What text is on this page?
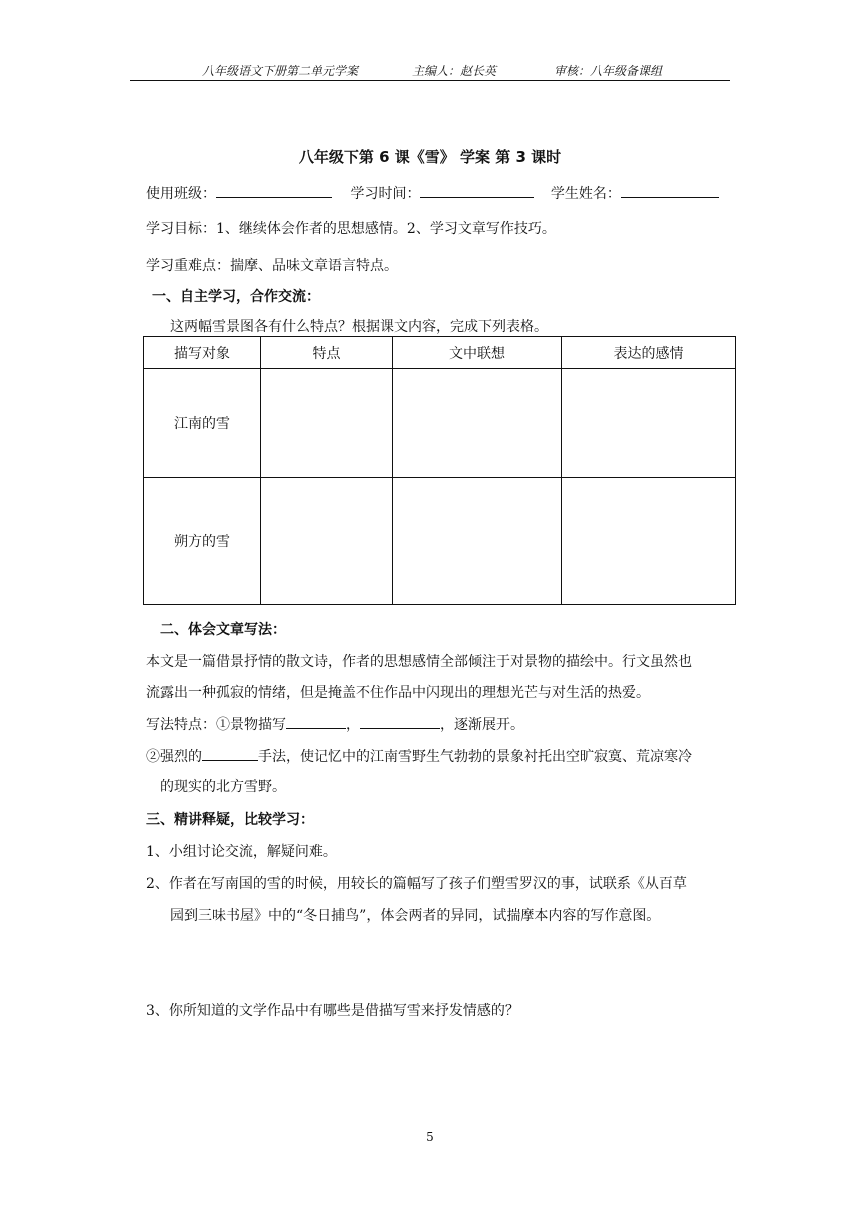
八年级语文下册第二单元学案	主编人：赵长英	审核：八年级备课组
八年级下第 6 课《雪》 学案 第 3 课时
使用班级：	学习时间：	学生姓名：
学习目标：1、继续体会作者的思想感情。2、学习文章写作技巧。
学习重难点：揣摩、品味文章语言特点。
一、自主学习，合作交流：
这两幅雪景图各有什么特点？根据课文内容，完成下列表格。
描写对象	特点	文中联想	表达的感情
江南的雪			
朔方的雪			
二、体会文章写法：
本文是一篇借景抒情的散文诗，作者的思想感情全部倾注于对景物的描绘中。行文虽然也
流露出一种孤寂的情绪，但是掩盖不住作品中闪现出的理想光芒与对生活的热爱。
写法特点：①景物描写	，	，逐渐展开。
②强烈的	手法，使记忆中的江南雪野生气勃勃的景象衬托出空旷寂寞、荒凉寒冷
的现实的北方雪野。
三、精讲释疑，比较学习：
1、小组讨论交流，解疑问难。
2、作者在写南国的雪的时候，用较长的篇幅写了孩子们塑雪罗汉的事，试联系《从百草
园到三味书屋》中的“冬日捕鸟”，体会两者的异同，试揣摩本内容的写作意图。
3、你所知道的文学作品中有哪些是借描写雪来抒发情感的？
5
